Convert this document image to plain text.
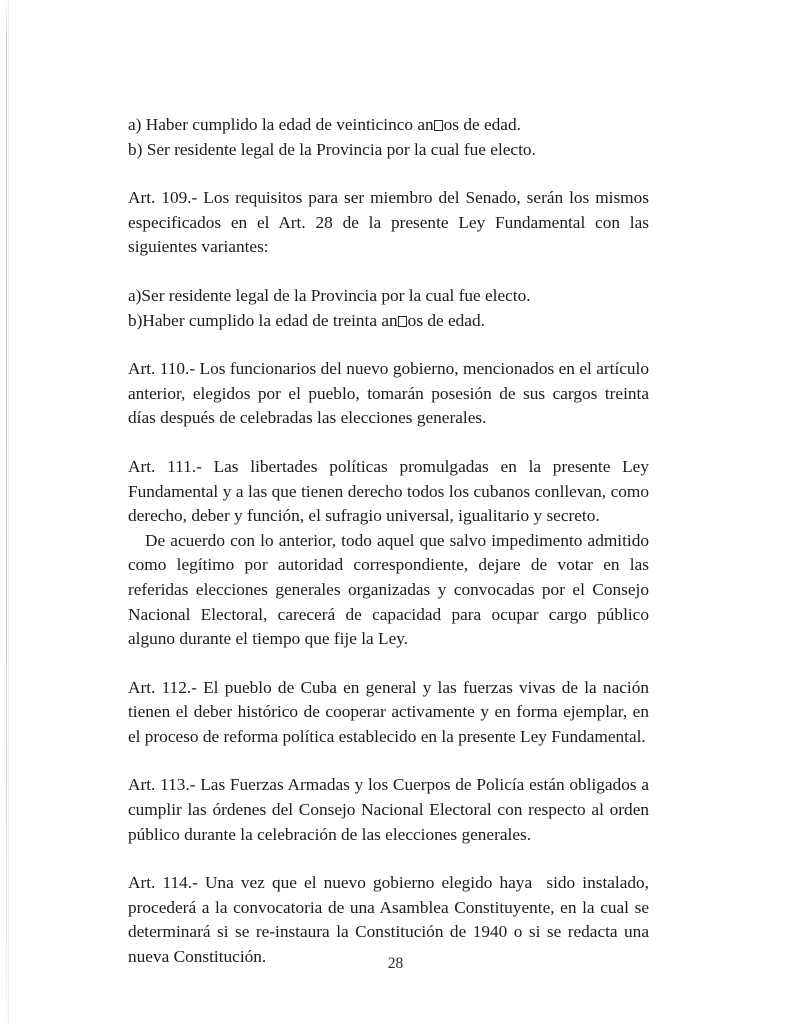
a) Haber cumplido la edad de veinticinco an os de edad.

b) Ser residente legal de la Provincia por la cual fue electo.

Art. 109.- Los requisitos para ser miembro del Senado, serán los mismos especificados en el Art. 28 de la presente Ley Fundamental con las siguientes variantes:

a)Ser residente legal de la Provincia por la cual fue electo.

b)Haber cumplido la edad de treinta an os de edad.

Art. 110.- Los funcionarios del nuevo gobierno, mencionados en el artículo anterior, elegidos por el pueblo, tomarán posesión de sus cargos treinta días después de celebradas las elecciones generales.

Art. 111.- Las libertades políticas promulgadas en la presente Ley Fundamental y a las que tienen derecho todos los cubanos conllevan, como derecho, deber y función, el sufragio universal, igualitario y secreto.

De acuerdo con lo anterior, todo aquel que salvo impedimento admitido como legítimo por autoridad correspondiente, dejare de votar en las referidas elecciones generales organizadas y convocadas por el Consejo Nacional Electoral, carecerá de capacidad para ocupar cargo público alguno durante el tiempo que fije la Ley.

Art. 112.- El pueblo de Cuba en general y las fuerzas vivas de la nación tienen el deber histórico de cooperar activamente y en forma ejemplar, en el proceso de reforma política establecido en la presente Ley Fundamental.

Art. 113.- Las Fuerzas Armadas y los Cuerpos de Policía están obligados a cumplir las órdenes del Consejo Nacional Electoral con respecto al orden público durante la celebración de las elecciones generales.

Art. 114.- Una vez que el nuevo gobierno elegido haya  sido instalado, procederá a la convocatoria de una Asamblea Constituyente, en la cual se determinará si se re-instaura la Constitución de 1940 o si se redacta una nueva Constitución.	28
